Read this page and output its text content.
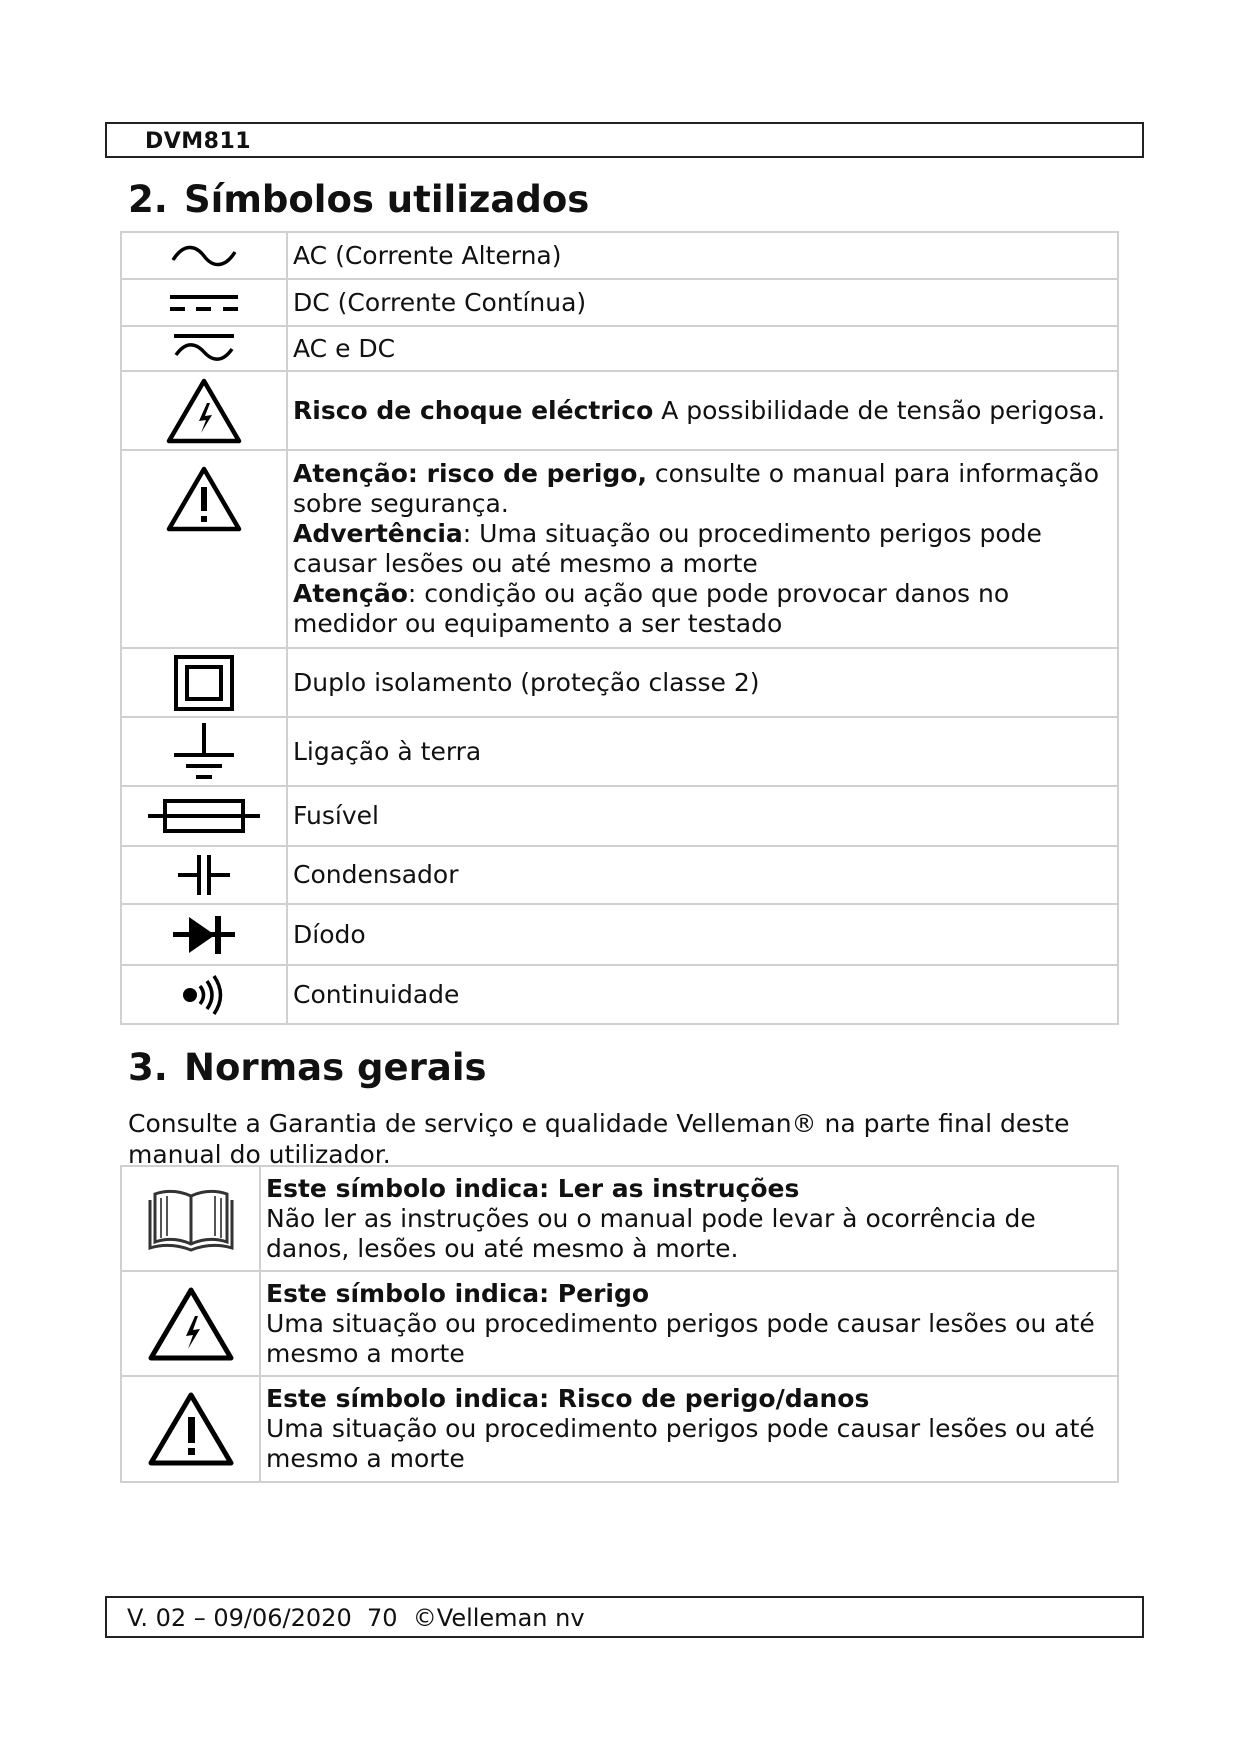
DVM811
2. Símbolos utilizados
	AC (Corrente Alterna)

	DC (Corrente Contínua)

	AC e DC

	Risco de choque eléctrico A possibilidade de tensão perigosa.

Atenção: risco de perigo, consulte o manual para informação sobre segurança.
Advertência: Uma situação ou procedimento perigos pode causar lesões ou até mesmo a morte
Atenção: condição ou ação que pode provocar danos no medidor ou equipamento a ser testado

	Duplo isolamento (proteção classe 2)

	Ligação à terra

	Fusível

	Condensador

	Díodo

	Continuidade
3. Normas gerais
Consulte a Garantia de serviço e qualidade Velleman® na parte final deste manual do utilizador.

Este símbolo indica: Ler as instruções
Não ler as instruções ou o manual pode levar à ocorrência de danos, lesões ou até mesmo à morte.

Este símbolo indica: Perigo
Uma situação ou procedimento perigos pode causar lesões ou até mesmo a morte

Este símbolo indica: Risco de perigo/danos
Uma situação ou procedimento perigos pode causar lesões ou até mesmo a morte
V. 02 – 09/06/2020  70  ©Velleman nv
